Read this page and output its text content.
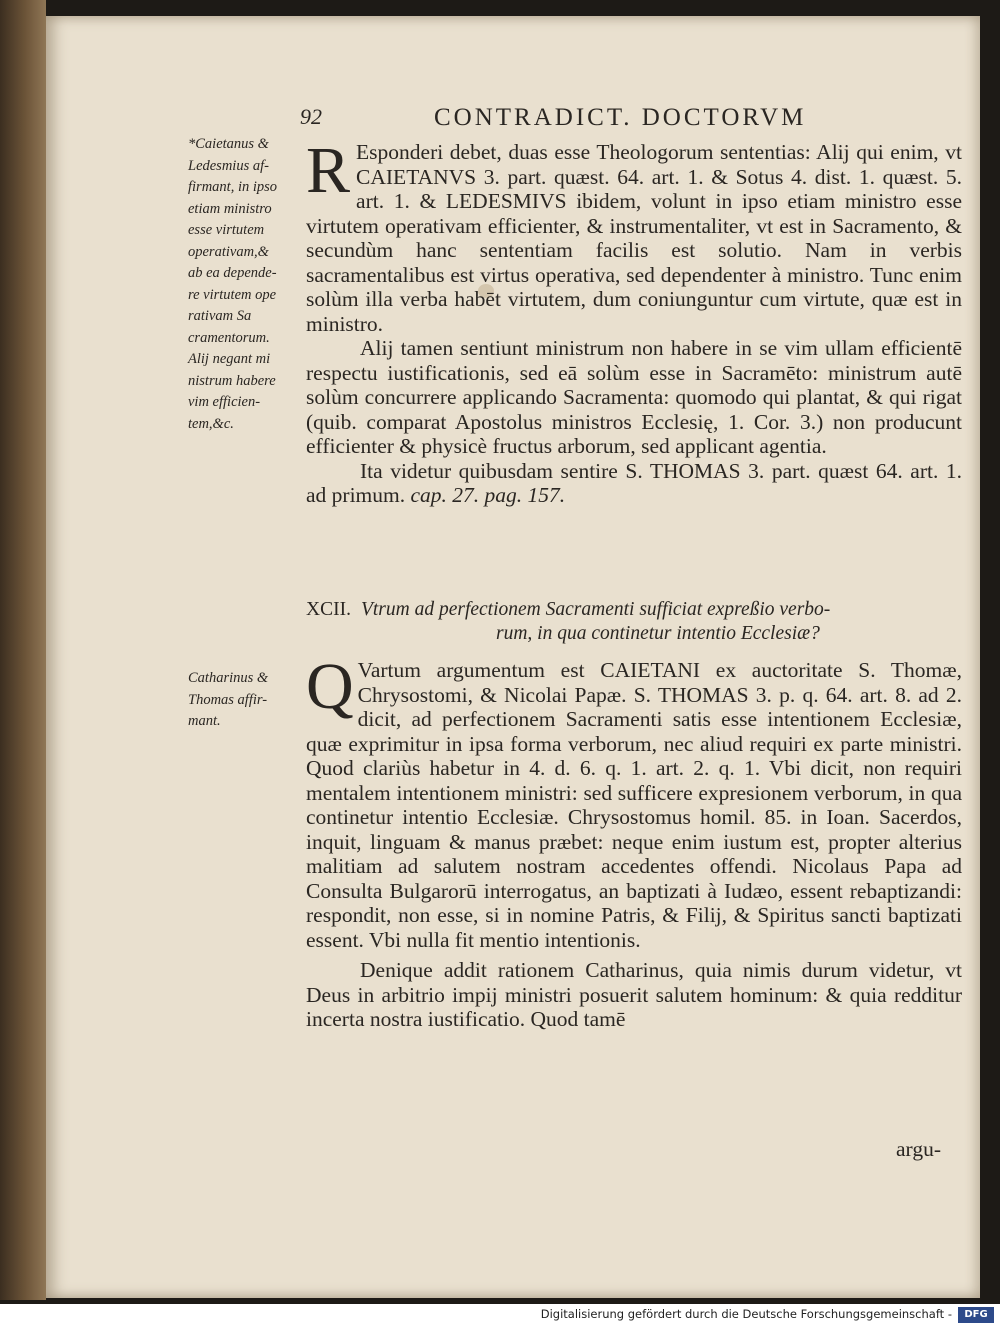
92	CONTRADICT. DOCTORVM
*Caietanus &
Ledesmius af-
firmant, in ipso
etiam ministro
esse virtutem
operativam,&
ab ea depende-
re virtutem ope
rativam Sa
cramentorum.
Alij negant mi
nistrum habere
vim efficien-
tem,&c.

R Esponderi debet, duas esse Theologorum sententias: Alij qui enim, vt CAIETANVS 3. part. quæst. 64. art. 1. & Sotus 4. dist. 1. quæst. 5. art. 1. & LEDESMIVS ibidem, volunt in ipso etiam ministro esse virtutem operativam efficienter, & instrumentaliter, vt est in Sacramento, & secundùm hanc sententiam facilis est solutio. Nam in verbis sacramentalibus est virtus operativa, sed dependenter à ministro. Tunc enim solùm illa verba habēt virtutem, dum coniunguntur cum virtute, quæ est in ministro.

Alij tamen sentiunt ministrum non habere in se vim ullam efficientē respectu iustificationis, sed eā solùm esse in Sacramēto: ministrum autē solùm concurrere applicando Sacramenta: quomodo qui plantat, & qui rigat (quib. comparat Apostolus ministros Ecclesię, 1. Cor. 3.) non producunt efficienter & physicè fructus arborum, sed applicant agentia.

Ita videtur quibusdam sentire S. THOMAS 3. part. quæst 64. art. 1. ad primum. cap. 27. pag. 157.

XCII. Vtrum ad perfectionem Sacramenti sufficiat expreßio verbo-
rum, in qua continetur intentio Ecclesiæ?
Catharinus &
Thomas affir-
mant.	Q Vartum argumentum est CAIETANI ex auctoritate S. Thomæ, Chrysostomi, & Nicolai Papæ. S. THOMAS 3. p. q. 64. art. 8. ad 2. dicit, ad perfectionem Sacramenti satis esse intentionem Ecclesiæ, quæ exprimitur in ipsa forma verborum, nec aliud requiri ex parte ministri. Quod clariùs habetur in 4. d. 6. q. 1. art. 2. q. 1. Vbi dicit, non requiri mentalem intentionem ministri: sed sufficere expresionem verborum, in qua continetur intentio Ecclesiæ. Chrysostomus homil. 85. in Ioan. Sacerdos, inquit, linguam & manus præbet: neque enim iustum est, propter alterius malitiam ad salutem nostram accedentes offendi. Nicolaus Papa ad Consulta Bulgarorū interrogatus, an baptizati à Iudæo, essent rebaptizandi: respondit, non esse, si in nomine Patris, & Filij, & Spiritus sancti baptizati essent. Vbi nulla fit mentio intentionis.

Denique addit rationem Catharinus, quia nimis durum videtur, vt Deus in arbitrio impij ministri posuerit salutem hominum: & quia redditur incerta nostra iustificatio. Quod tamē

argu-
Digitalisierung gefördert durch die Deutsche Forschungsgemeinschaft -	DFG
